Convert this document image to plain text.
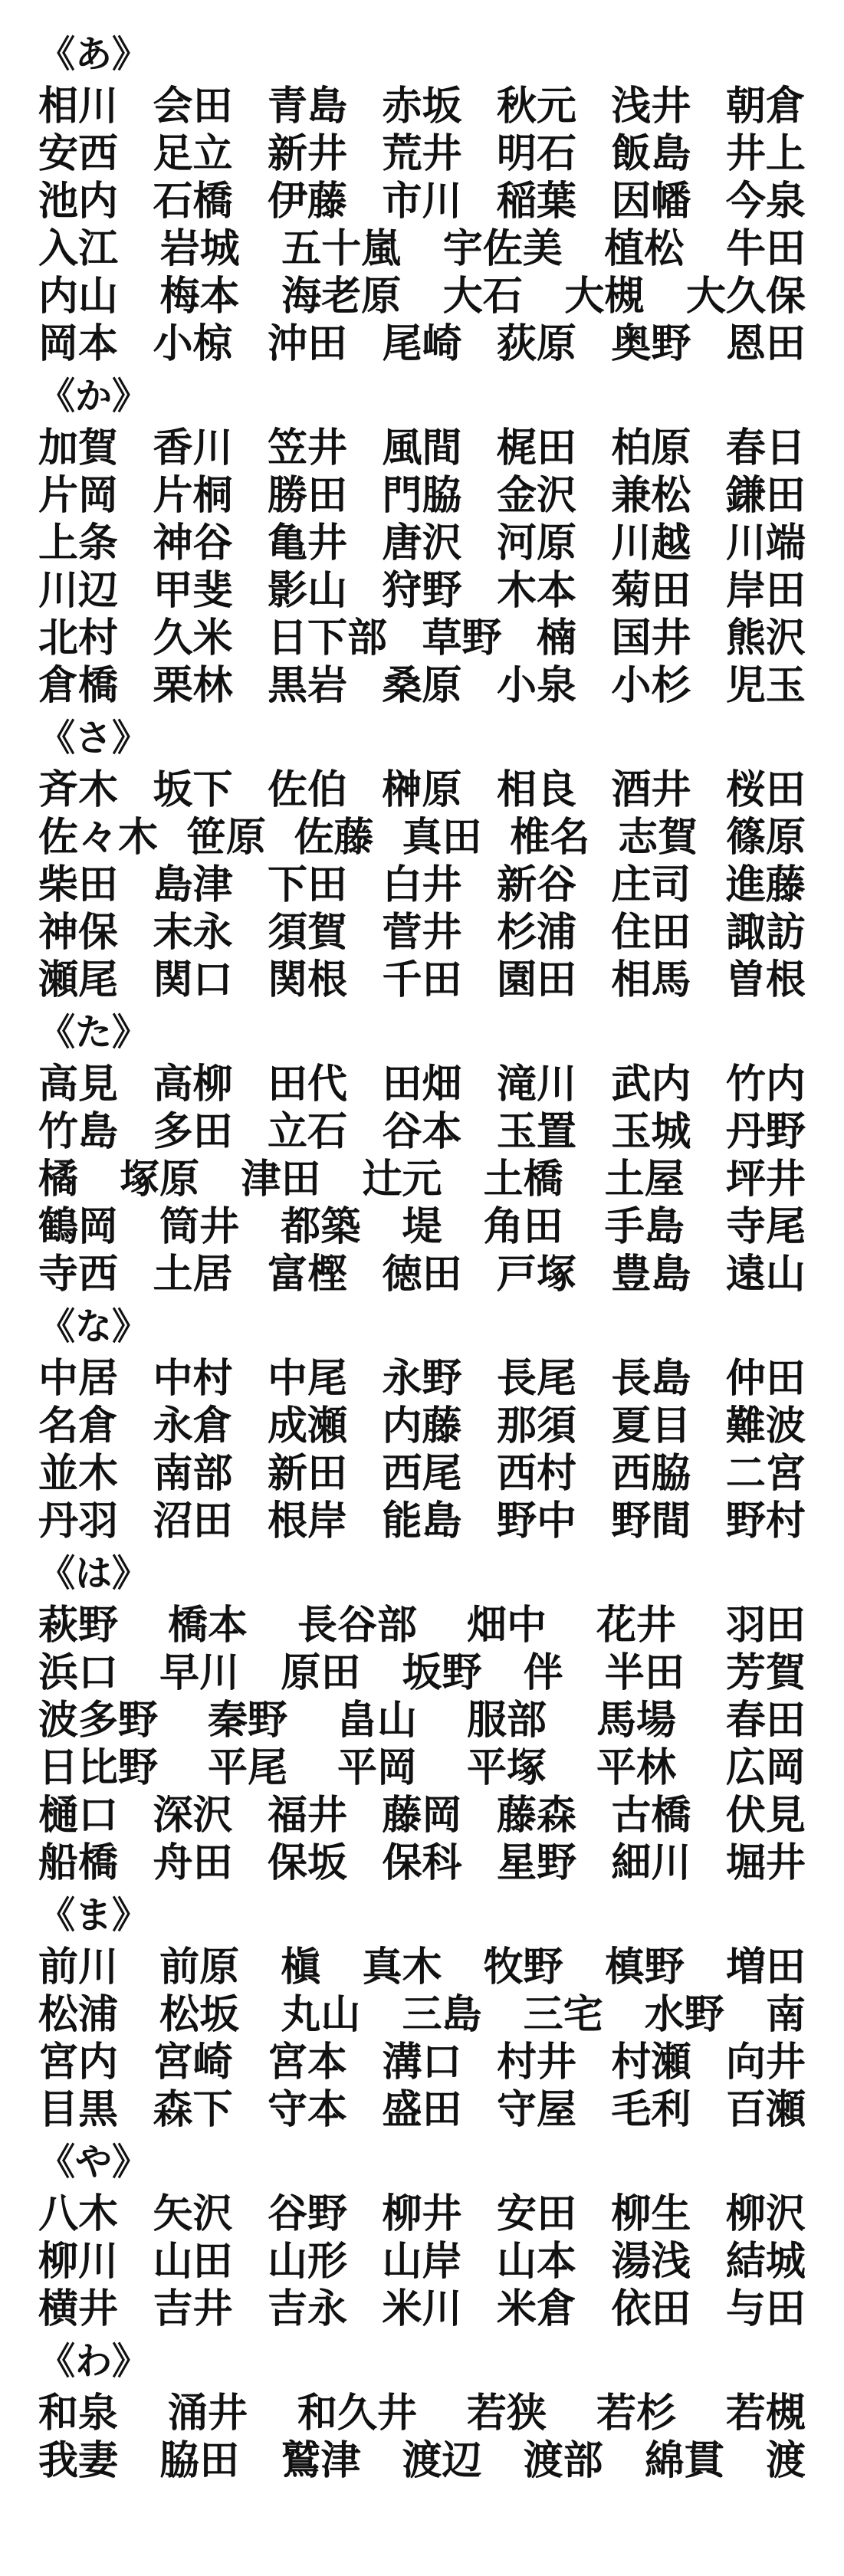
《あ》
相川 会田 青島 赤坂 秋元 浅井 朝倉
安西 足立 新井 荒井 明石 飯島 井上
池内 石橋 伊藤 市川 稲葉 因幡 今泉
入江 岩城 五十嵐 宇佐美 植松 牛田
内山 梅本 海老原 大石 大槻 大久保
岡本 小椋 沖田 尾崎 荻原 奥野 恩田
《か》
加賀 香川 笠井 風間 梶田 柏原 春日
片岡 片桐 勝田 門脇 金沢 兼松 鎌田
上条 神谷 亀井 唐沢 河原 川越 川端
川辺 甲斐 影山 狩野 木本 菊田 岸田
北村 久米 日下部 草野 楠 国井 熊沢
倉橋 栗林 黒岩 桑原 小泉 小杉 児玉
《さ》
斉木 坂下 佐伯 榊原 相良 酒井 桜田
佐々木 笹原 佐藤 真田 椎名 志賀 篠原
柴田 島津 下田 白井 新谷 庄司 進藤
神保 末永 須賀 菅井 杉浦 住田 諏訪
瀬尾 関口 関根 千田 園田 相馬 曽根
《た》
高見 高柳 田代 田畑 滝川 武内 竹内
竹島 多田 立石 谷本 玉置 玉城 丹野
橘 塚原 津田 辻元 土橋 土屋 坪井
鶴岡 筒井 都築 堤 角田 手島 寺尾
寺西 土居 富樫 徳田 戸塚 豊島 遠山
《な》
中居 中村 中尾 永野 長尾 長島 仲田
名倉 永倉 成瀬 内藤 那須 夏目 難波
並木 南部 新田 西尾 西村 西脇 二宮
丹羽 沼田 根岸 能島 野中 野間 野村
《は》
萩野 橋本 長谷部 畑中 花井 羽田
浜口 早川 原田 坂野 伴 半田 芳賀
波多野 秦野 畠山 服部 馬場 春田
日比野 平尾 平岡 平塚 平林 広岡
樋口 深沢 福井 藤岡 藤森 古橋 伏見
船橋 舟田 保坂 保科 星野 細川 堀井
《ま》
前川 前原 槇 真木 牧野 槙野 増田
松浦 松坂 丸山 三島 三宅 水野 南
宮内 宮崎 宮本 溝口 村井 村瀬 向井
目黒 森下 守本 盛田 守屋 毛利 百瀬
《や》
八木 矢沢 谷野 柳井 安田 柳生 柳沢
柳川 山田 山形 山岸 山本 湯浅 結城
横井 吉井 吉永 米川 米倉 依田 与田
《わ》
和泉 涌井 和久井 若狭 若杉 若槻
我妻 脇田 鷲津 渡辺 渡部 綿貫 渡
